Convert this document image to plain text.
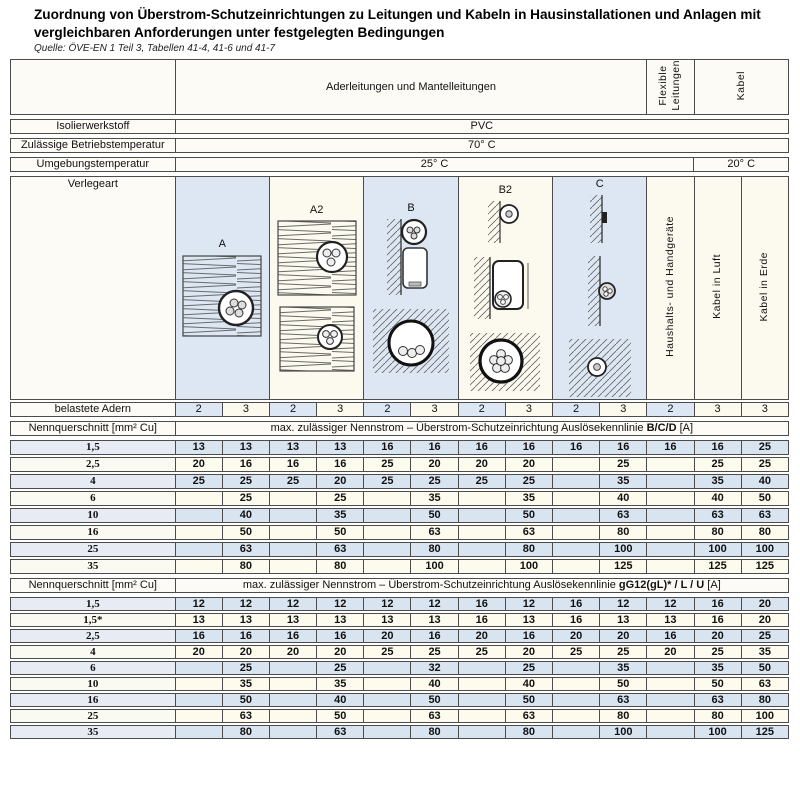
Zuordnung von Überstrom-Schutzeinrichtungen zu Leitungen und Kabeln in Hausinstallationen und Anlagen mit vergleichbaren Anforderungen unter festgelegten Bedingungen
Quelle: ÖVE-EN 1 Teil 3, Tabellen 41-4, 41-6 und 41-7
	Aderleitungen und Mantelleitungen	Flexible
Leitungen	Kabel
Isolierwerkstoff	PVC
Zulässige Betriebstemperatur	70° C
Umgebungstemperatur	25° C	20° C
Verlegeart	A		A2		B		B2		C		Haushalts- und Handgeräte	Kabel in Luft	Kabel in Erde
belastete Adern	2	3	2	3	2	3	2	3	2	3	2	3	3
Nennquerschnitt [mm² Cu]	max. zulässiger Nennstrom – Überstrom-Schutzeinrichtung Auslösekennlinie B/C/D [A]
1,5	13	13	13	13	16	16	16	16	16	16	16	16	25
2,5	20	16	16	16	25	20	20	20		25		25	25
4	25	25	25	20	25	25	25	25		35		35	40
6		25		25		35		35		40		40	50
10		40		35		50		50		63		63	63
16		50		50		63		63		80		80	80
25		63		63		80		80		100		100	100
35		80		80		100		100		125		125	125
Nennquerschnitt [mm² Cu]	max. zulässiger Nennstrom – Überstrom-Schutzeinrichtung Auslösekennlinie gG12(gL)* / L / U [A]
1,5	12	12	12	12	12	12	16	12	16	12	12	16	20
1,5*	13	13	13	13	13	13	16	13	16	13	13	16	20
2,5	16	16	16	16	20	16	20	16	20	20	16	20	25
4	20	20	20	20	25	25	25	20	25	25	20	25	35
6		25		25		32		25		35		35	50
10		35		35		40		40		50		50	63
16		50		40		50		50		63		63	80
25		63		50		63		63		80		80	100
35		80		63		80		80		100		100	125
